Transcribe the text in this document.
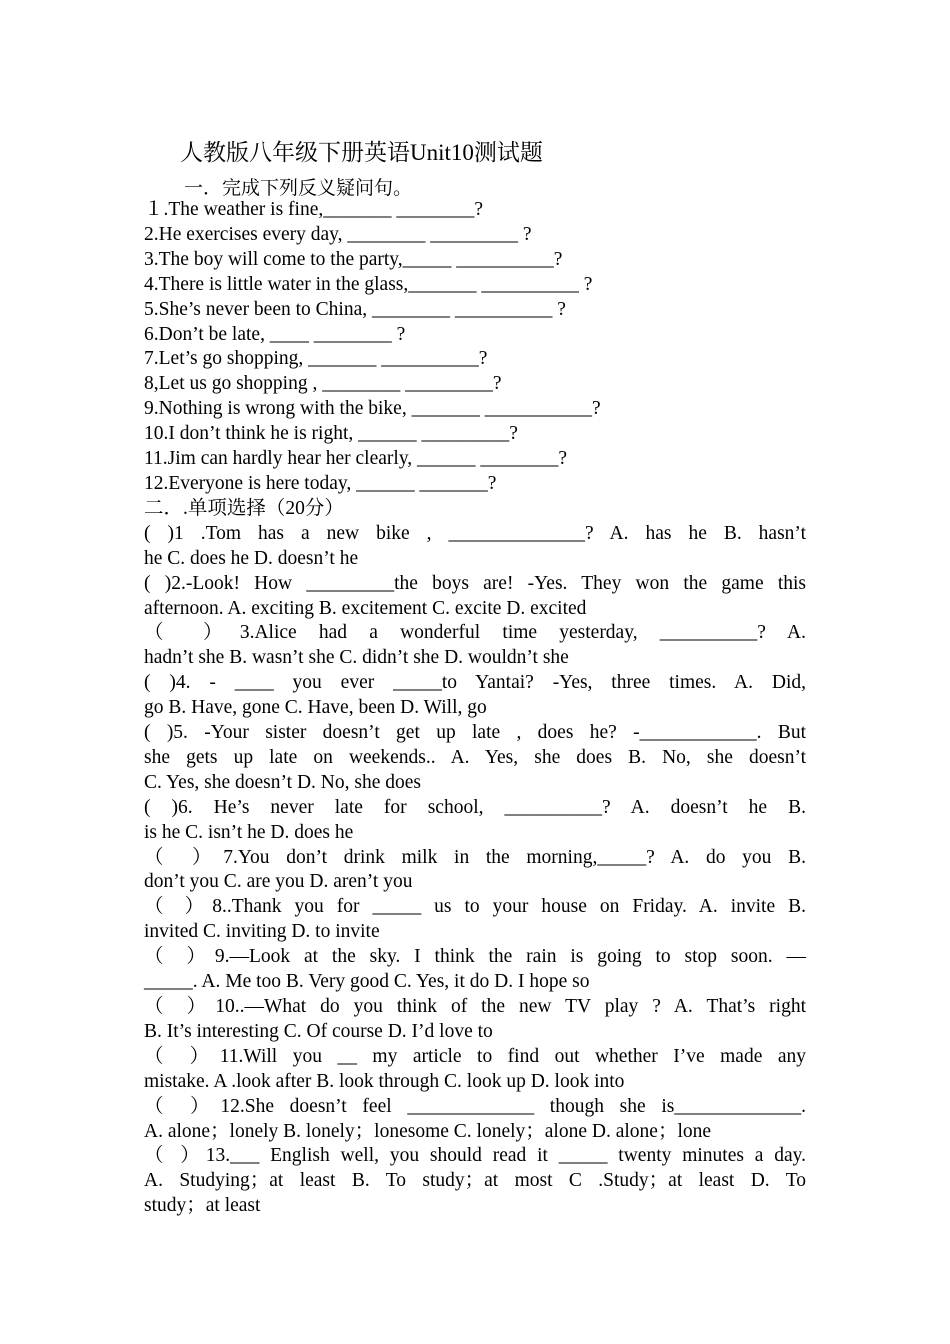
人教版八年级下册英语Unit10测试题
一．完成下列反义疑问句。
１.The weather is fine,_______ ________?
2.He exercises every day, ________ _________ ?
3.The boy will come to the party,_____ __________?
4.There is little water in the glass,_______ __________ ?
5.She’s never been to China, ________ __________ ?
6.Don’t be late, ____ ________ ?
7.Let’s go shopping, _______ __________?
8,Let us go shopping , ________ _________?
9.Nothing is wrong with the bike, _______ ___________?
10.I don’t think he is right, ______ _________?
11.Jim can hardly hear her clearly, ______ ________?
12.Everyone is here today, ______ _______?
二．.单项选择（20分）
( )1 .Tom has a new bike , ______________? A. has he B. hasn’t
he C. does he D. doesn’t he
( )2.-Look! How _________the boys are! -Yes. They won the game this
afternoon. A. exciting B. excitement C. excite D. excited
（ ）3.Alice had a wonderful time yesterday, __________? A.
hadn’t she B. wasn’t she C. didn’t she D. wouldn’t she
( )4. - ____ you ever _____to Yantai? -Yes, three times. A. Did,
go B. Have, gone C. Have, been D. Will, go
( )5. -Your sister doesn’t get up late , does he? -____________. But
she gets up late on weekends.. A. Yes, she does B. No, she doesn’t
C. Yes, she doesn’t D. No, she does
( )6. He’s never late for school, __________? A. doesn’t he B.
is he C. isn’t he D. does he
（ ）7.You don’t drink milk in the morning,_____? A. do you B.
don’t you C. are you D. aren’t you
（ ）8..Thank you for _____ us to your house on Friday. A. invite B.
invited C. inviting D. to invite
（ ）9.—Look at the sky. I think the rain is going to stop soon. —
_____. A. Me too B. Very good C. Yes, it do D. I hope so
（ ）10..—What do you think of the new TV play ? A. That’s right
B. It’s interesting C. Of course D. I’d love to
（ ）11.Will you __ my article to find out whether I’ve made any
mistake. A .look after B. look through C. look up D. look into
（ ）12.She doesn’t feel _____________ though she is_____________.
A. alone；lonely B. lonely；lonesome C. lonely；alone D. alone；lone
（ ）13.___ English well, you should read it _____ twenty minutes a day.
A. Studying；at least B. To study；at most C .Study；at least D. To
study；at least
